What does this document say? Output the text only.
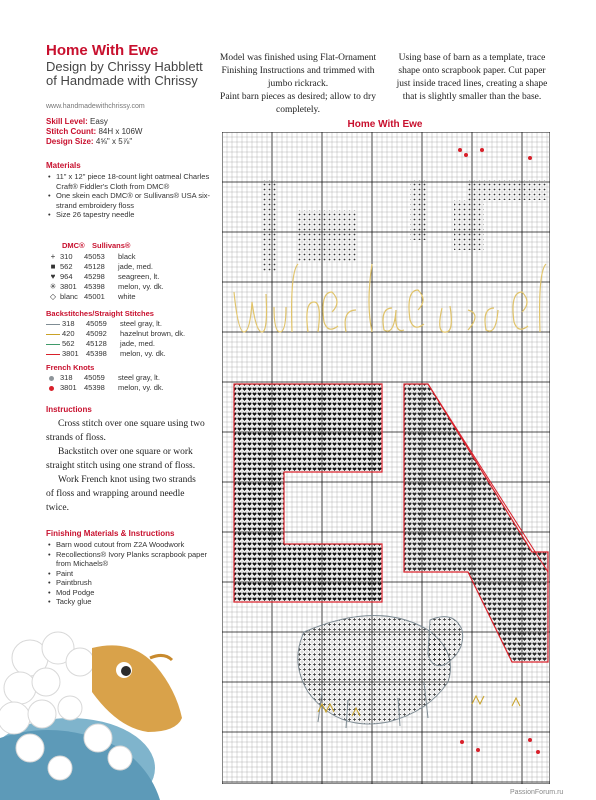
Home With Ewe
Design by Chrissy Habblett of Handmade with Chrissy
www.handmadewithchrissy.com
Skill Level: Easy
Stitch Count: 84H x 106W
Design Size: 4⅝" x 5⅞"
Materials
• 11" x 12" piece 18-count light oatmeal Charles Craft® Fiddler's Cloth from DMC®
• One skein each DMC® or Sullivans® USA six-strand embroidery floss
• Size 26 tapestry needle
DMC® Sullivans®
+ 310	45053	black
■ 562	45128	jade, med.
♥ 964	45298	seagreen, lt.
✳ 3801 45398	melon, vy. dk.
◇ blanc 45001	white
Backstitches/Straight Stitches
318	45059	steel gray, lt.
420	45092	hazelnut brown, dk.
562	45128	jade, med.
3801 45398	melon, vy. dk.
French Knots
318	45059	steel gray, lt.
3801 45398	melon, vy. dk.
Instructions

Cross stitch over one square using two strands of floss.

Backstitch over one square or work straight stitch using one strand of floss.

Work French knot using two strands of floss and wrapping around needle twice.

Finishing Materials & Instructions
• Barn wood cutout from Z2A Woodwork
• Recollections® Ivory Planks scrapbook paper from Michaels®
• Paint
• Paintbrush
• Mod Podge
• Tacky glue
Model was finished using Flat-Ornament Finishing Instructions and trimmed with jumbo rickrack.
Paint barn pieces as desired; allow to dry completely.
Using base of barn as a template, trace shape onto scrapbook paper. Cut paper just inside traced lines, creating a shape that is slightly smaller than the base.
Home With Ewe
PassionForum.ru
